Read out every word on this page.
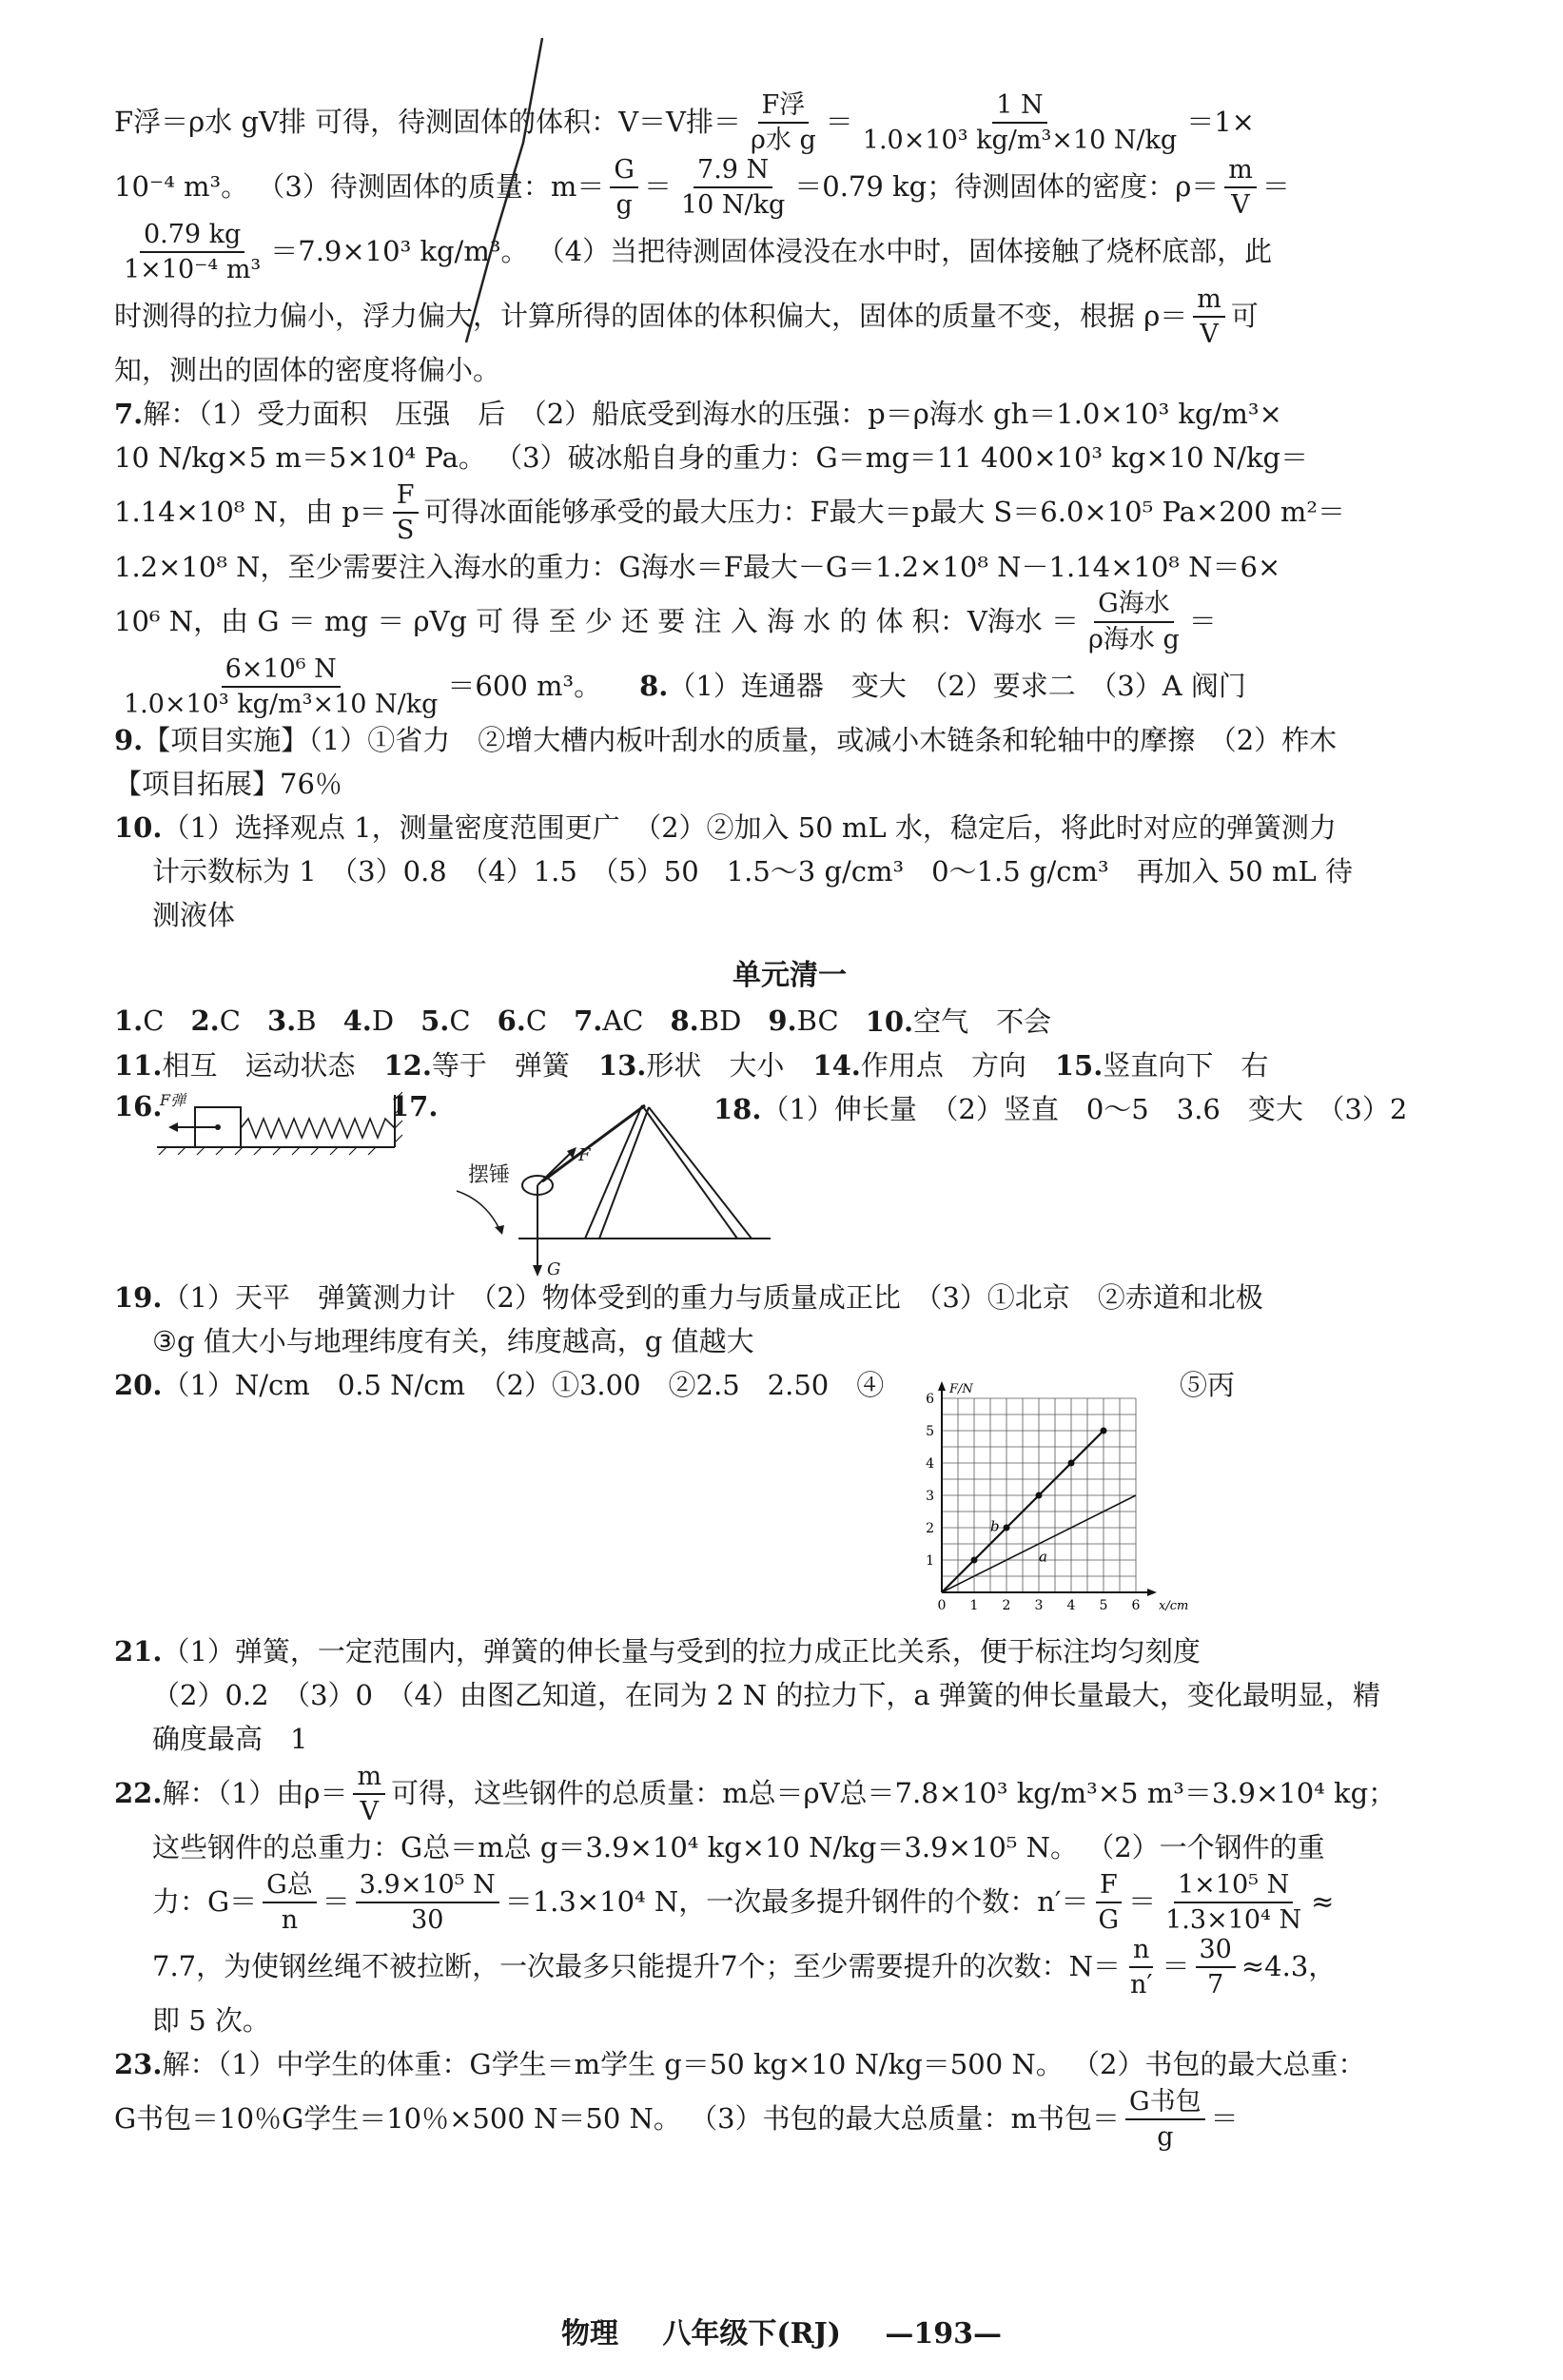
F浮＝ρ水 gV排 可得，待测固体的体积：V＝V排＝ $\frac{\text{F浮}}{\text{ρ水 g}} = \frac{1 N}{\text{1.0×10³ kg/m³×10 N/kg}} =1\times$
10⁻⁴ m³。 （3）待测固体的质量：$m= \frac{G}{g} = \frac{7.9 N}{10 N/kg} =0.79$ kg；待测固体的密度：$\rho= \frac{m}{V}$ ＝
$\frac{0.79 kg}{\text{1×10⁻⁴ m³}} =7.9\times 10^3$ kg/m³。 （4）当把待测固体浸没在水中时，固体接触了烧杯底部，此
时测得的拉力偏小，浮力偏大，计算所得的固体的体积偏大，固体的质量不变，根据 $\rho= \frac{m}{V}$ 可
知，测出的固体的密度将偏小。
7. 解：（1）受力面积　压强　后　（2）船底受到海水的压强：p＝ρ海水 gh＝1.0×10³ kg/m³×
10 N/kg×5 m＝5×10⁴ Pa。 （3）破冰船自身的重力：G＝mg＝11 400×10³ kg×10 N/kg＝
1.14×10⁸ N，由 $p= \frac{F}{S}$ 可得冰面能够承受的最大压力：F最大＝p最大 S＝6.0×10⁵ Pa×200 m²＝
1.2×10⁸ N，至少需要注入海水的重力：G海水＝F最大－G＝1.2×10⁸ N－1.14×10⁸ N＝6×
10⁶ N，由 G ＝ mg ＝ ρVg 可 得 至 少 还 要 注 入 海 水 的 体 积：V海水 ＝ $\frac{\text{G海水}}{\text{ρ海水 g}}$ ＝
$\frac{\text{6×10⁶ N}}{\text{1.0×10³ kg/m³×10 N/kg}} =600$ m³。 8. （1）连通器　变大　（2）要求二　（3）A 阀门
9. 【项目实施】（1）①省力　②增大槽内板叶刮水的质量，或减小木链条和轮轴中的摩擦　（2）柞木
【项目拓展】76％
10. （1）选择观点 1，测量密度范围更广　（2）②加入 50 mL 水，稳定后，将此时对应的弹簧测力
计示数标为 1　（3）0.8　（4）1.5　（5）50　1.5～3 g/cm³　0～1.5 g/cm³　再加入 50 mL 待
测液体
单元清一
1.C 2.C 3.B 4.D 5.C 6.C 7.AC 8.BD 9.BC 10.空气　不会
11.相互　运动状态 12.等于　弹簧 13.形状　大小 14.作用点　方向 15.竖直向下　右
16.
F弹	17.
摆锤
F
G
18.（1）伸长量　（2）竖直　0～5　3.6　变大　（3）2
19. （1）天平　弹簧测力计　（2）物体受到的重力与质量成正比　（3）①北京　②赤道和北极
③g 值大小与地理纬度有关，纬度越高，g 值越大
20.（1）N/cm　0.5 N/cm　（2）①3.00　②2.5　2.50　④	⑤丙
0 1 2 3 4 5 6
1
2
3
4
5
6
x/cm
F/N
b
a
21. （1）弹簧，一定范围内，弹簧的伸长量与受到的拉力成正比关系，便于标注均匀刻度
（2）0.2　（3）0　（4）由图乙知道，在同为 2 N 的拉力下，a 弹簧的伸长量最大，变化最明显，精
确度最高　1
22. 解：（1）由$\rho= \frac{m}{V}$ 可得，这些钢件的总质量：m总＝ρV总＝7.8×10³ kg/m³×5 m³＝3.9×10⁴ kg；
这些钢件的总重力：G总＝m总 g＝3.9×10⁴ kg×10 N/kg＝3.9×10⁵ N。 （2）一个钢件的重
力：$G= \frac{\text{G总}}{n} = \frac{\text{3.9×10⁵ N}}{30} =1.3\times 10^4$ N，一次最多提升钢件的个数：$n'= \frac{F}{G} = \frac{\text{1×10⁵ N}}{\text{1.3×10⁴ N}}$ ≈
7.7，为使钢丝绳不被拉断，一次最多只能提升7个；至少需要提升的次数：$N= \frac{n}{n'} = \frac{30}{7} \approx 4.3$，
即 5 次。
23. 解：（1）中学生的体重：G学生＝m学生 g＝50 kg×10 N/kg＝500 N。 （2）书包的最大总重：
G书包＝10％G学生＝10％×500 N＝50 N。 （3）书包的最大总质量：m书包＝ $\frac{\text{G书包}}{g}$ ＝
物理 八年级下(RJ) —193—
